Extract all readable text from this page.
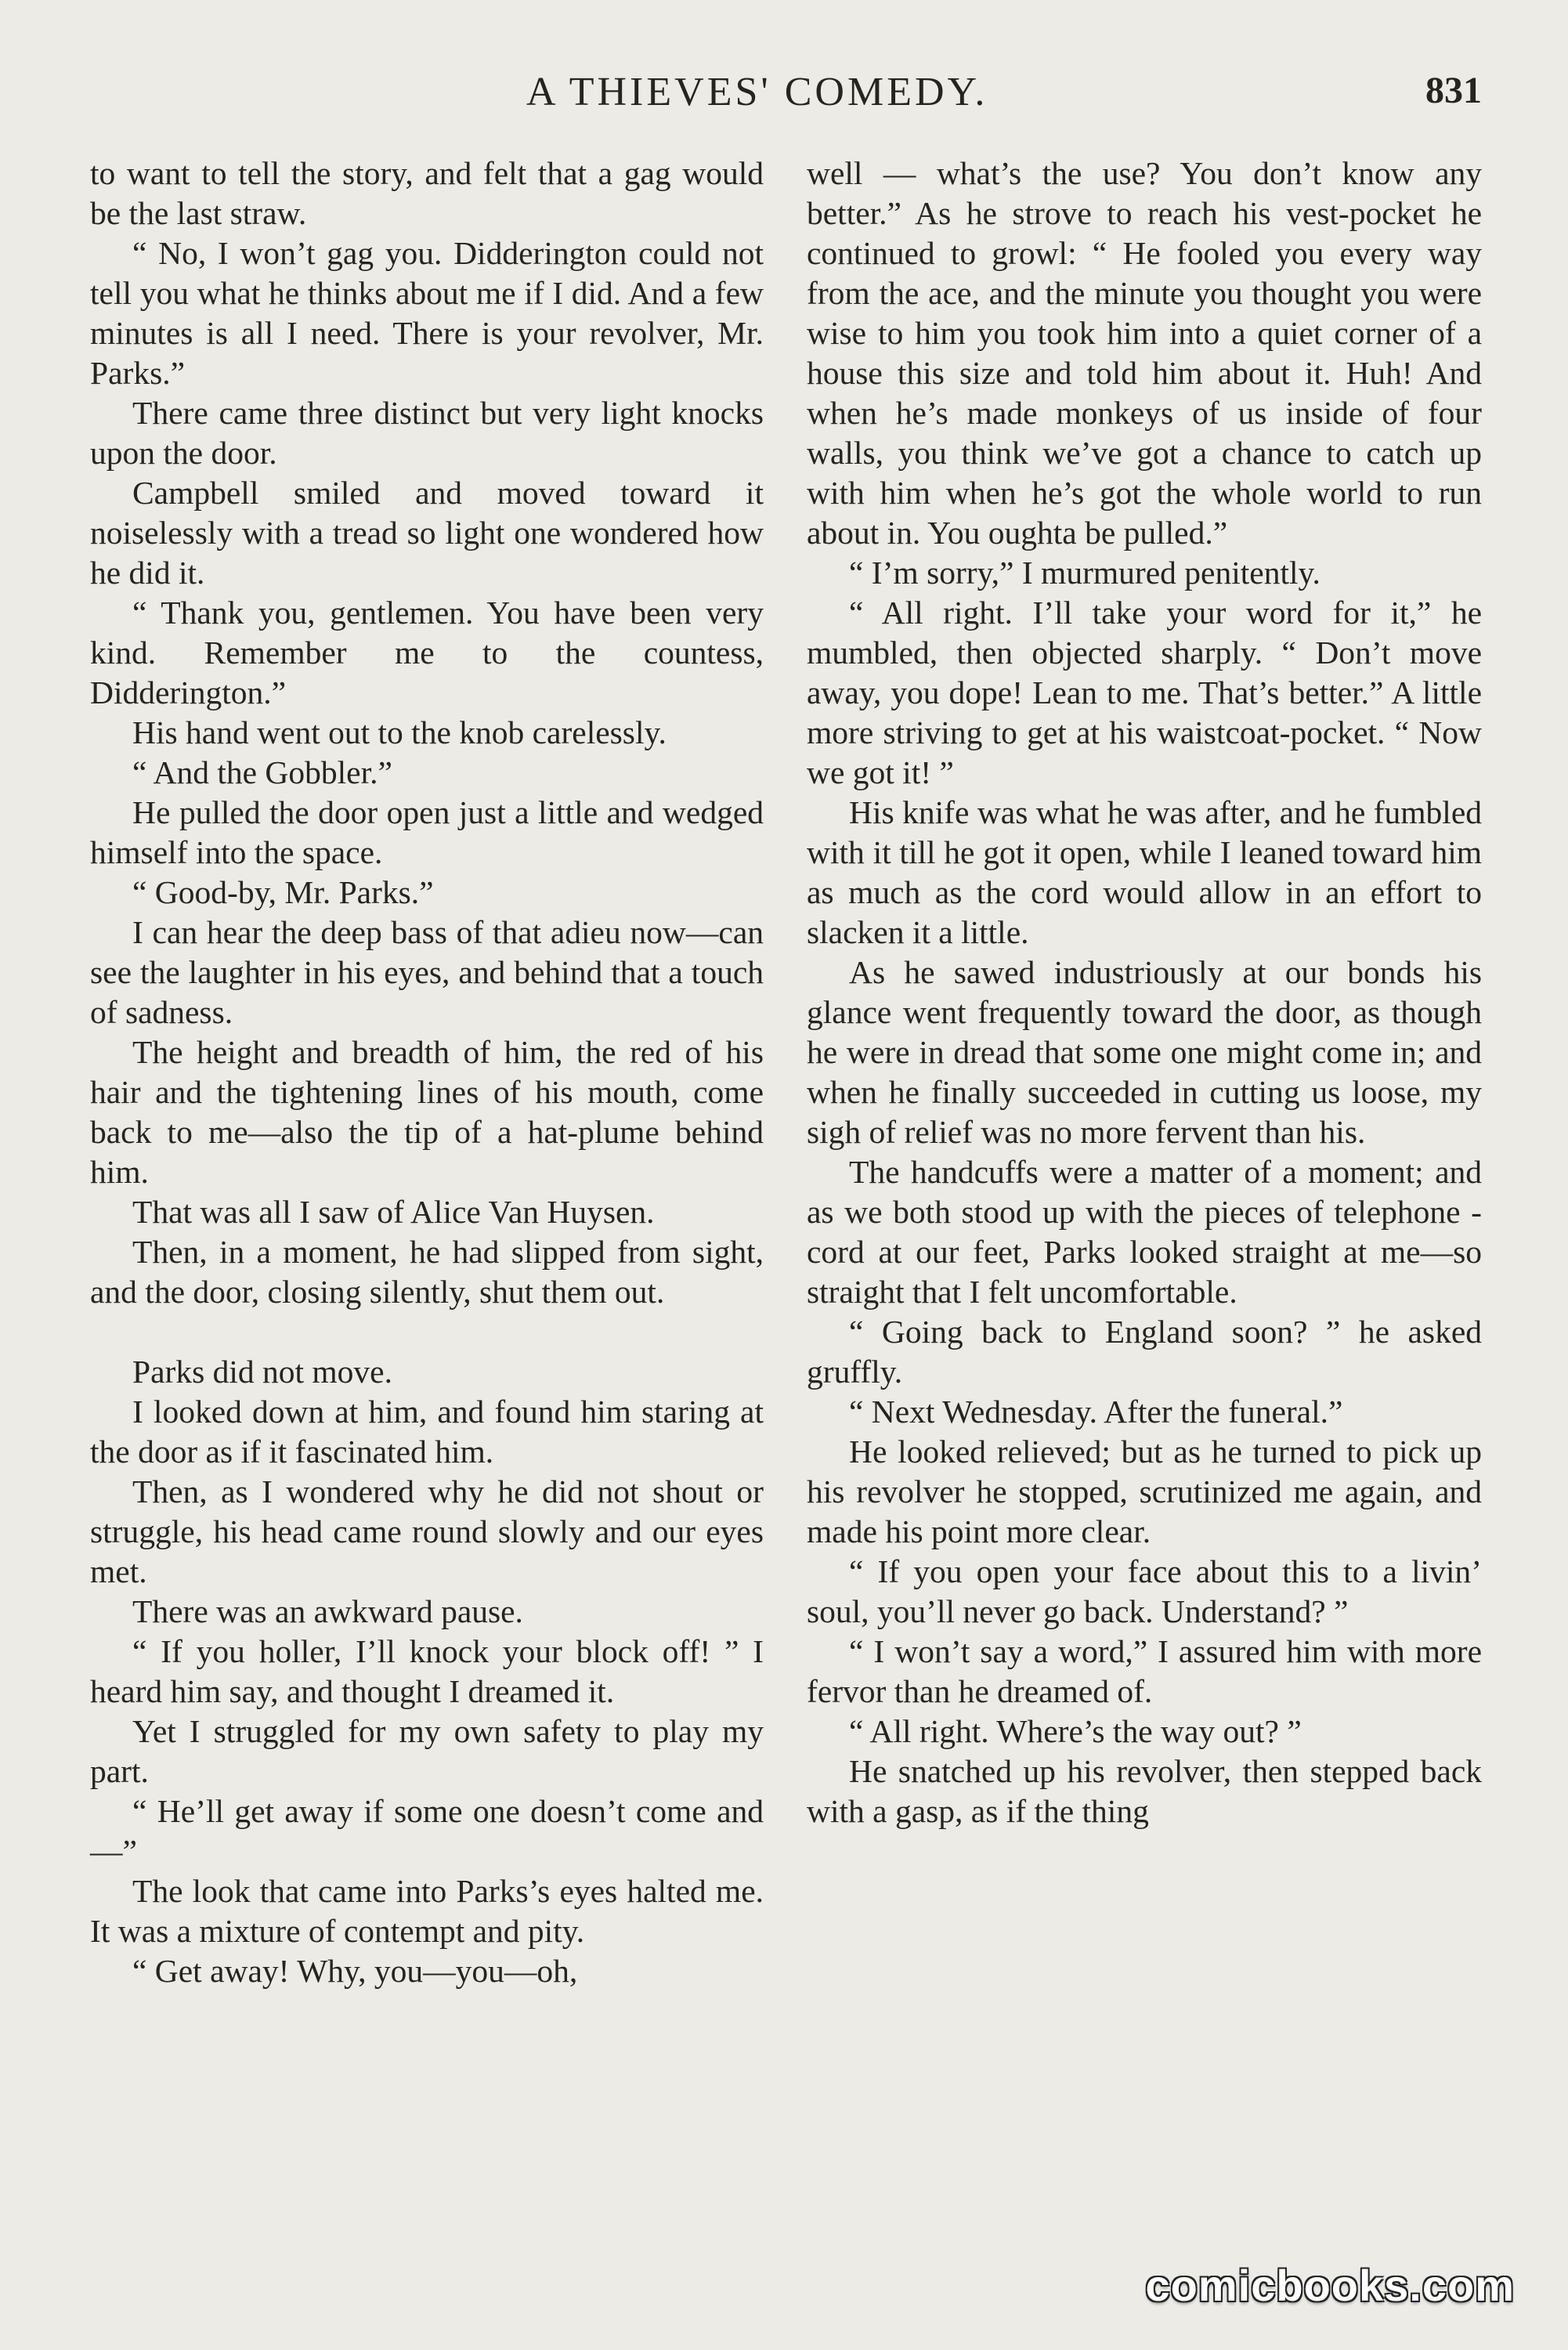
A THIEVES' COMEDY.	831

to want to tell the story, and felt that a gag would be the last straw.

“ No, I won’t gag you. Didderington could not tell you what he thinks about me if I did. And a few minutes is all I need. There is your revolver, Mr. Parks.”

There came three distinct but very light knocks upon the door.

Campbell smiled and moved toward it noiselessly with a tread so light one wondered how he did it.

“ Thank you, gentlemen. You have been very kind. Remember me to the countess, Didderington.”

His hand went out to the knob carelessly.

“ And the Gobbler.”

He pulled the door open just a little and wedged himself into the space.

“ Good-by, Mr. Parks.”

I can hear the deep bass of that adieu now—can see the laughter in his eyes, and behind that a touch of sadness.

The height and breadth of him, the red of his hair and the tightening lines of his mouth, come back to me—also the tip of a hat-plume behind him.

That was all I saw of Alice Van Huysen.

Then, in a moment, he had slipped from sight, and the door, closing silently, shut them out.

Parks did not move.

I looked down at him, and found him staring at the door as if it fascinated him.

Then, as I wondered why he did not shout or struggle, his head came round slowly and our eyes met.

There was an awkward pause.

“ If you holler, I’ll knock your block off! ” I heard him say, and thought I dreamed it.

Yet I struggled for my own safety to play my part.

“ He’ll get away if some one doesn’t come and—”

The look that came into Parks’s eyes halted me. It was a mixture of contempt and pity.

“ Get away! Why, you—you—oh,

well — what’s the use? You don’t know any better.” As he strove to reach his vest-pocket he continued to growl: “ He fooled you every way from the ace, and the minute you thought you were wise to him you took him into a quiet corner of a house this size and told him about it. Huh! And when he’s made monkeys of us inside of four walls, you think we’ve got a chance to catch up with him when he’s got the whole world to run about in. You oughta be pulled.”

“ I’m sorry,” I murmured penitently.

“ All right. I’ll take your word for it,” he mumbled, then objected sharply. “ Don’t move away, you dope! Lean to me. That’s better.” A little more striving to get at his waistcoat-pocket. “ Now we got it! ”

His knife was what he was after, and he fumbled with it till he got it open, while I leaned toward him as much as the cord would allow in an effort to slacken it a little.

As he sawed industriously at our bonds his glance went frequently toward the door, as though he were in dread that some one might come in; and when he finally succeeded in cutting us loose, my sigh of relief was no more fervent than his.

The handcuffs were a matter of a moment; and as we both stood up with the pieces of telephone - cord at our feet, Parks looked straight at me—so straight that I felt uncomfortable.

“ Going back to England soon? ” he asked gruffly.

“ Next Wednesday. After the funeral.”

He looked relieved; but as he turned to pick up his revolver he stopped, scrutinized me again, and made his point more clear.

“ If you open your face about this to a livin’ soul, you’ll never go back. Understand? ”

“ I won’t say a word,” I assured him with more fervor than he dreamed of.

“ All right. Where’s the way out? ”

He snatched up his revolver, then stepped back with a gasp, as if the thing

comicbooks.com
